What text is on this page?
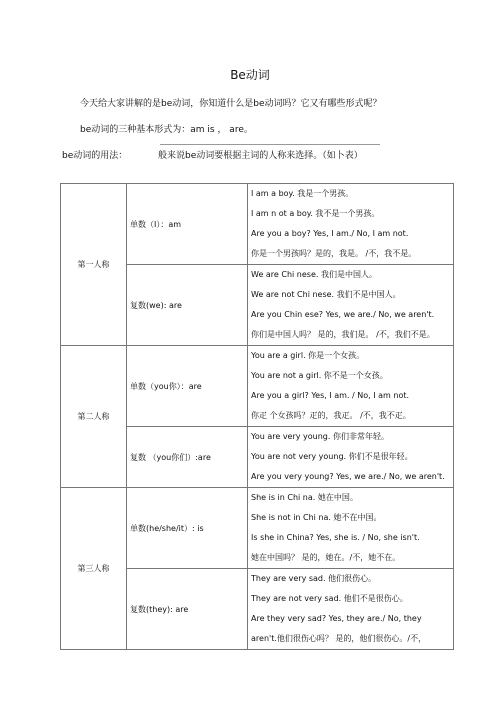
Be动词
今天给大家讲解的是be动词，你知道什么是be动词吗？它又有哪些形式呢？
be动词的三种基本形式为：am is ， are。
be动词的用法：	般来说be动词要根据主词的人称来选择。（如卜表）
第一人称	单数（I）：am	I am a boy. 我是一个男孩。
I am n ot a boy. 我不是一个男孩。
Are you a boy? Yes, I am./ No, I am not.
你是一个男孩吗？是的，我是。 /不，我不是。

	复数(we): are	We are Chi nese. 我们是中国人。
We are not Chi nese. 我们不是中国人。
Are you Chin ese? Yes, we are./ No, we aren't.
你们是中国人吗？ 是的，我们是。 /不，我们不是。

第二人称	单数（you你）：are	You are a girl. 你是一个女孩。
You are not a girl. 你不是一个女孩。
Are you a girl? Yes, I am. / No, I am not.
你疋 个女孩吗？疋的，我疋。 /不，我不疋。

	复数 （you你们）:are	You are very young. 你们非常年轻。
You are not very young. 你们不是很年轻。
Are you very young? Yes, we are./ No, we aren't.

第三人称	单数(he/she/it）: is	She is in Chi na. 她在中国。
She is not in Chi na. 她不在中国。
Is she in China? Yes, she is. / No, she isn't.
她在中国吗？ 是的，她在。/不，她不在。

	复数(they): are	They are very sad. 他们很伤心。
They are not very sad. 他们不是很伤心。
Are they very sad? Yes, they are./ No, they
aren't.他们很伤心吗？ 是的，他们很伤心。/不，
